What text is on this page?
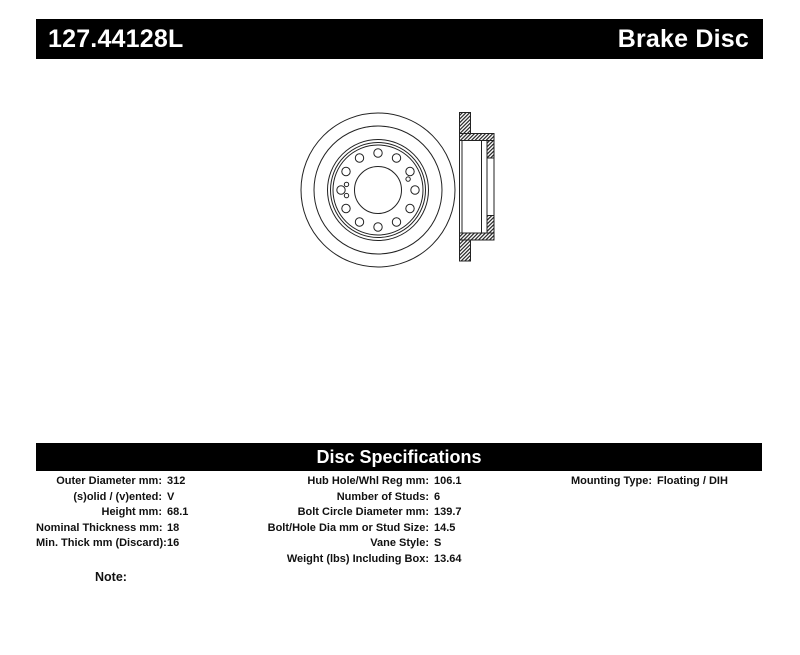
127.44128L	Brake Disc
Disc Specifications
Outer Diameter mm: 312
(s)olid / (v)ented: V
Height mm: 68.1
Nominal Thickness mm: 18
Min. Thick mm (Discard): 16
Hub Hole/Whl Reg mm: 106.1
Number of Studs: 6
Bolt Circle Diameter mm: 139.7
Bolt/Hole Dia mm or Stud Size: 14.5
Vane Style: S
Weight (lbs) Including Box: 13.64
Mounting Type: Floating / DIH
Note:
